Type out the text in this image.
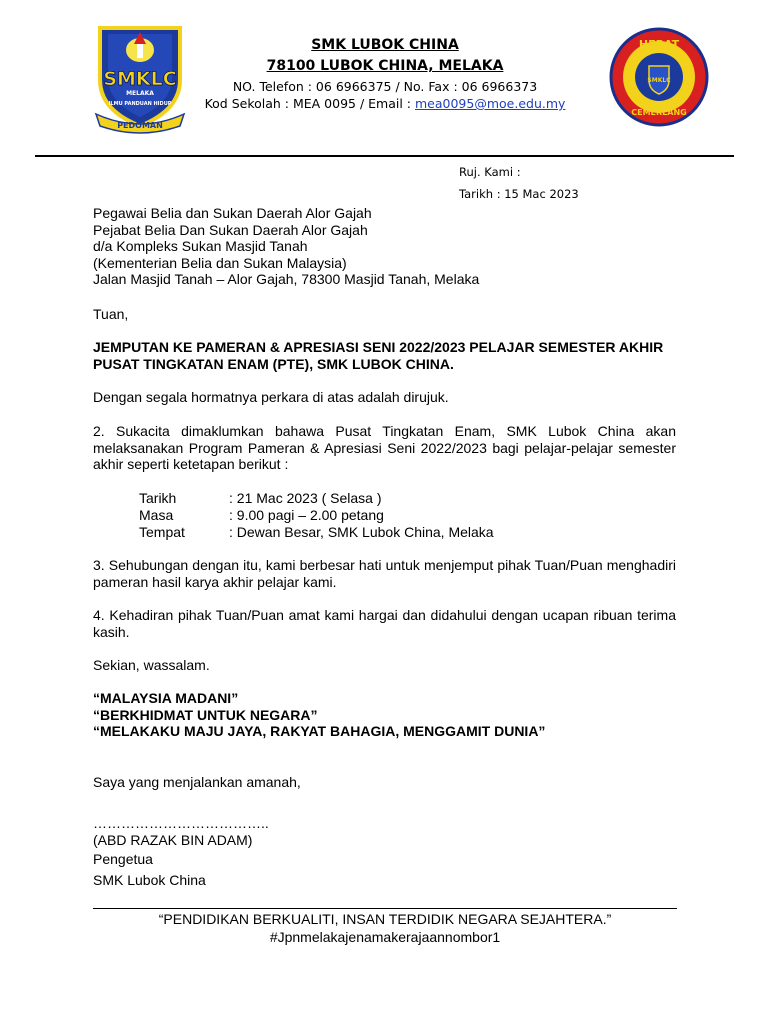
SMKLC
MELAKA
ILMU PANDUAN HIDUP
PEDOMAN
SMK LUBOK CHINA
78100 LUBOK CHINA, MELAKA
NO. Telefon : 06 6966375 / No. Fax : 06 6966373
Kod Sekolah : MEA 0095 / Email : mea0095@moe.edu.my
SMKLC
HEBAT
CEMERLANG
Ruj. Kami :
Tarikh : 15 Mac 2023
Pegawai Belia dan Sukan Daerah Alor Gajah
Pejabat Belia Dan Sukan Daerah Alor Gajah
d/a Kompleks Sukan Masjid Tanah
(Kementerian Belia dan Sukan Malaysia)
Jalan Masjid Tanah – Alor Gajah, 78300 Masjid Tanah, Melaka
Tuan,
JEMPUTAN KE PAMERAN & APRESIASI SENI 2022/2023 PELAJAR SEMESTER AKHIR PUSAT TINGKATAN ENAM (PTE), SMK LUBOK CHINA.
Dengan segala hormatnya perkara di atas adalah dirujuk.
2. Sukacita dimaklumkan bahawa Pusat Tingkatan Enam, SMK Lubok China akan melaksanakan Program Pameran & Apresiasi Seni 2022/2023 bagi pelajar-pelajar semester akhir seperti ketetapan berikut :
Tarikh	: 21 Mac 2023 ( Selasa )
Masa	: 9.00 pagi – 2.00 petang
Tempat	: Dewan Besar, SMK Lubok China, Melaka
3. Sehubungan dengan itu, kami berbesar hati untuk menjemput pihak Tuan/Puan menghadiri pameran hasil karya akhir pelajar kami.
4. Kehadiran pihak Tuan/Puan amat kami hargai dan didahului dengan ucapan ribuan terima kasih.
Sekian, wassalam.
“MALAYSIA MADANI”
“BERKHIDMAT UNTUK NEGARA”
“MELAKAKU MAJU JAYA, RAKYAT BAHAGIA, MENGGAMIT DUNIA”
Saya yang menjalankan amanah,
………………………………..
(ABD RAZAK BIN ADAM)
Pengetua
SMK Lubok China
“PENDIDIKAN BERKUALITI, INSAN TERDIDIK NEGARA SEJAHTERA.”
#Jpnmelakajenamakerajaannombor1
